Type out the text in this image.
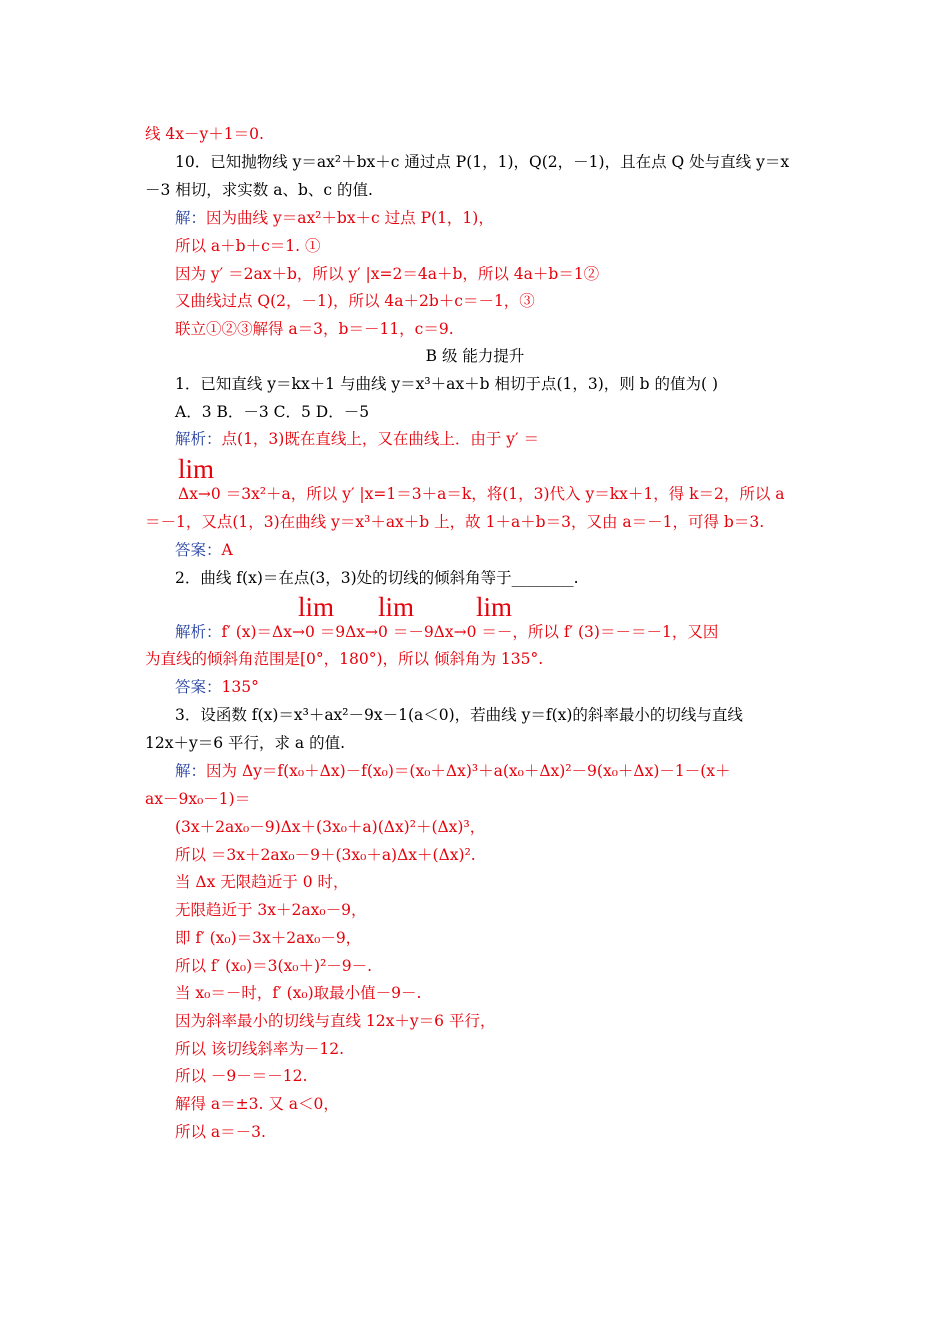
线 4x－y＋1＝0.
10．已知抛物线 y＝ax²＋bx＋c 通过点 P(1，1)，Q(2，－1)，且在点 Q 处与直线 y＝x
－3 相切，求实数 a、b、c 的值.
解：因为曲线 y＝ax²＋bx＋c 过点 P(1，1)，
所以 a＋b＋c＝1. ①
因为 y′ ＝2ax＋b，所以 y′ |x=2＝4a＋b，所以 4a＋b＝1②
又曲线过点 Q(2，－1)，所以 4a＋2b＋c＝－1，③
联立①②③解得 a＝3，b＝－11，c＝9.
B 级 能力提升
1．已知直线 y＝kx＋1 与曲线 y＝x³＋ax＋b 相切于点(1，3)，则 b 的值为( )
A．3 B．－3 C．5 D．－5
解析：点(1，3)既在直线上，又在曲线上．由于 y′ ＝
lim
Δx→0 ＝3x²＋a，所以 y′ |x=1＝3＋a＝k，将(1，3)代入 y＝kx＋1，得 k＝2，所以 a
＝－1，又点(1，3)在曲线 y＝x³＋ax＋b 上，故 1＋a＋b＝3，又由 a＝－1，可得 b＝3.
答案：A
2．曲线 f(x)＝在点(3，3)处的切线的倾斜角等于________.
lim lim lim
解析：f′ (x)＝Δx→0 ＝9Δx→0 ＝－9Δx→0 ＝－，所以 f′ (3)＝－＝－1，又因
为直线的倾斜角范围是[0°，180°)，所以 倾斜角为 135°.
答案：135°
3．设函数 f(x)＝x³＋ax²－9x－1(a＜0)，若曲线 y＝f(x)的斜率最小的切线与直线
12x＋y＝6 平行，求 a 的值.
解：因为 Δy＝f(x₀＋Δx)－f(x₀)＝(x₀＋Δx)³＋a(x₀＋Δx)²－9(x₀＋Δx)－1－(x＋
ax－9x₀－1)＝
(3x＋2ax₀－9)Δx＋(3x₀＋a)(Δx)²＋(Δx)³，
所以 ＝3x＋2ax₀－9＋(3x₀＋a)Δx＋(Δx)².
当 Δx 无限趋近于 0 时，
无限趋近于 3x＋2ax₀－9，
即 f′ (x₀)＝3x＋2ax₀－9，
所以 f′ (x₀)＝3(x₀＋)²－9－.
当 x₀＝－时，f′ (x₀)取最小值－9－.
因为斜率最小的切线与直线 12x＋y＝6 平行，
所以 该切线斜率为－12.
所以 －9－＝－12.
解得 a＝±3. 又 a＜0，
所以 a＝－3.
